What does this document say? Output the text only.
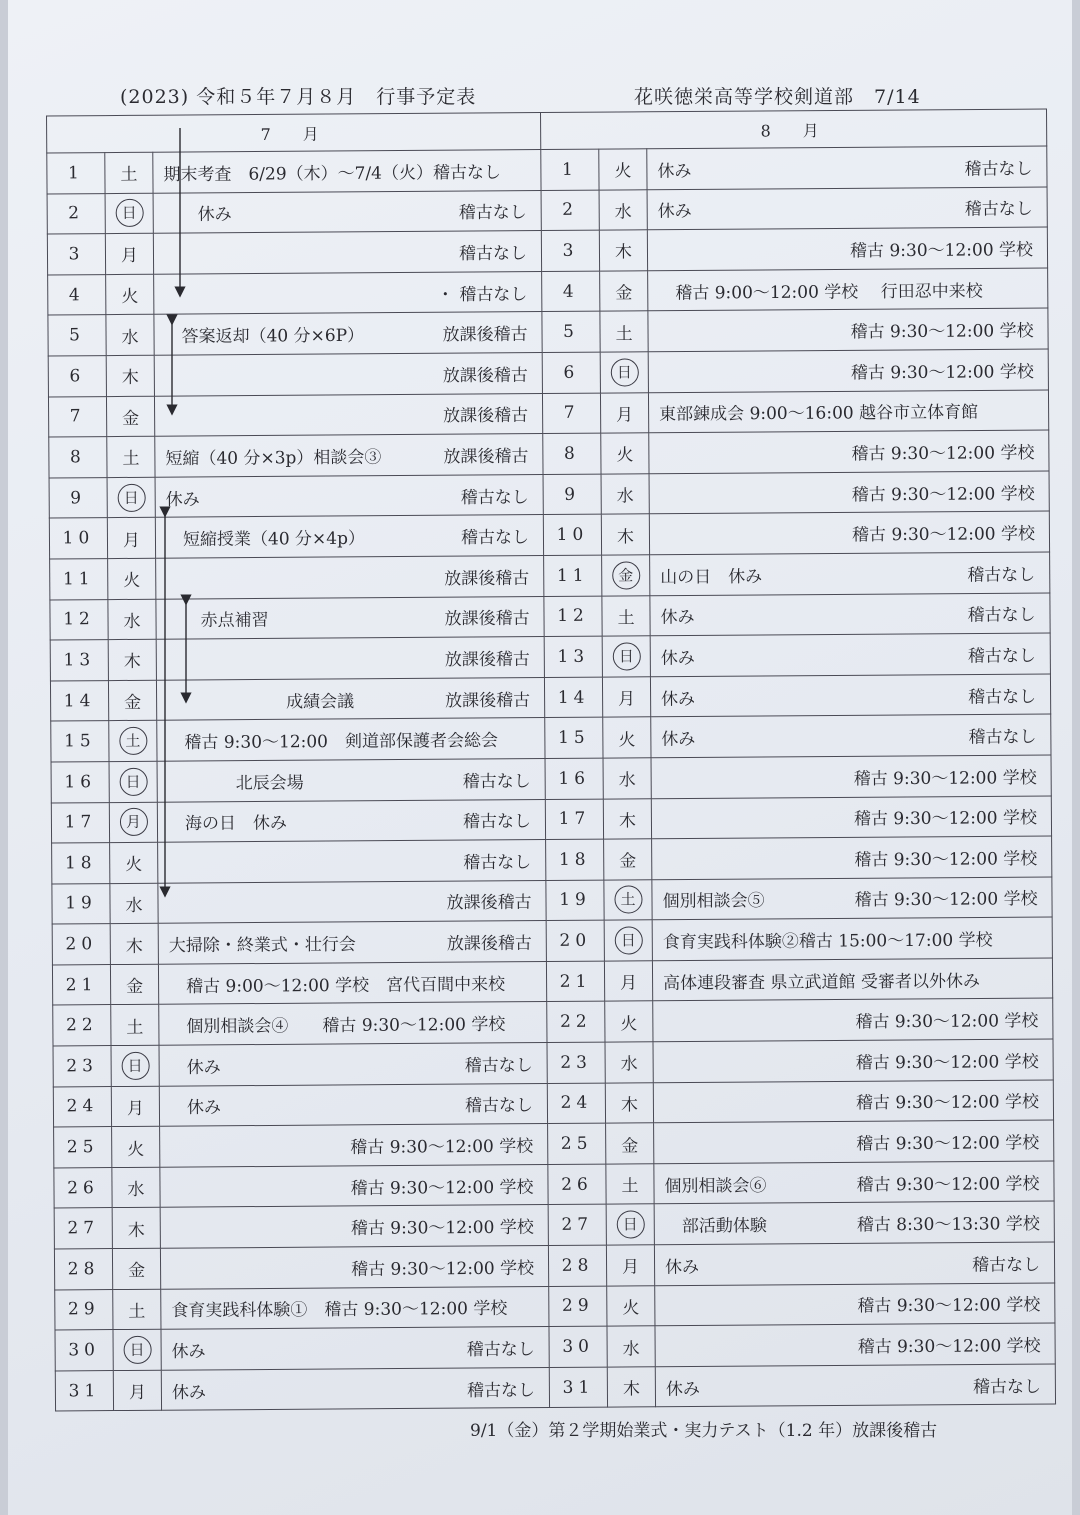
(2023) 令和５年７月８月　行事予定表	花咲徳栄高等学校剣道部　7/14
7　月			8　月		
1	土	期末考査　6/29（木）〜7/4（火）稽古なし	1	火	休み 稽古なし

2	日	　　休み 稽古なし	2	水	休み 稽古なし

3	月	稽古なし	3	木	稽古 9:30〜12:00 学校

4	火	・ 稽古なし	4	金	　稽古 9:00〜12:00 学校　 行田忍中来校

5	水	　答案返却（40 分×6P） 放課後稽古	5	土	稽古 9:30〜12:00 学校

6	木	放課後稽古	6	日	稽古 9:30〜12:00 学校

7	金	放課後稽古	7	月	東部錬成会 9:00〜16:00 越谷市立体育館

8	土	短縮（40 分×3p）相談会③ 放課後稽古	8	火	稽古 9:30〜12:00 学校

9	日	休み 稽古なし	9	水	稽古 9:30〜12:00 学校

10	月	　短縮授業（40 分×4p） 稽古なし	10	木	稽古 9:30〜12:00 学校

11	火	放課後稽古	11	金	山の日　休み 稽古なし

12	水	　　赤点補習 放課後稽古	12	土	休み 稽古なし

13	木	放課後稽古	13	日	休み 稽古なし

14	金	　　　　　　　成績会議 放課後稽古	14	月	休み 稽古なし

15	土	　稽古 9:30〜12:00　剣道部保護者会総会	15	火	休み 稽古なし

16	日	　　　　北辰会場 稽古なし	16	水	稽古 9:30〜12:00 学校

17	月	　海の日　休み 稽古なし	17	木	稽古 9:30〜12:00 学校

18	火	稽古なし	18	金	稽古 9:30〜12:00 学校

19	水	放課後稽古	19	土	個別相談会⑤ 稽古 9:30〜12:00 学校

20	木	大掃除・終業式・壮行会 放課後稽古	20	日	食育実践科体験②稽古 15:00〜17:00 学校

21	金	　稽古 9:00〜12:00 学校　宮代百間中来校	21	月	高体連段審査 県立武道館 受審者以外休み

22	土	　個別相談会④　　稽古 9:30〜12:00 学校	22	火	稽古 9:30〜12:00 学校

23	日	　休み 稽古なし	23	水	稽古 9:30〜12:00 学校

24	月	　休み 稽古なし	24	木	稽古 9:30〜12:00 学校

25	火	稽古 9:30〜12:00 学校	25	金	稽古 9:30〜12:00 学校

26	水	稽古 9:30〜12:00 学校	26	土	個別相談会⑥ 稽古 9:30〜12:00 学校

27	木	稽古 9:30〜12:00 学校	27	日	　部活動体験 稽古 8:30〜13:30 学校

28	金	稽古 9:30〜12:00 学校	28	月	休み 稽古なし

29	土	食育実践科体験①　稽古 9:30〜12:00 学校	29	火	稽古 9:30〜12:00 学校

30	日	休み 稽古なし	30	水	稽古 9:30〜12:00 学校

31	月	休み 稽古なし	31	木	休み 稽古なし
9/1（金）第２学期始業式・実力テスト（1.2 年）放課後稽古
